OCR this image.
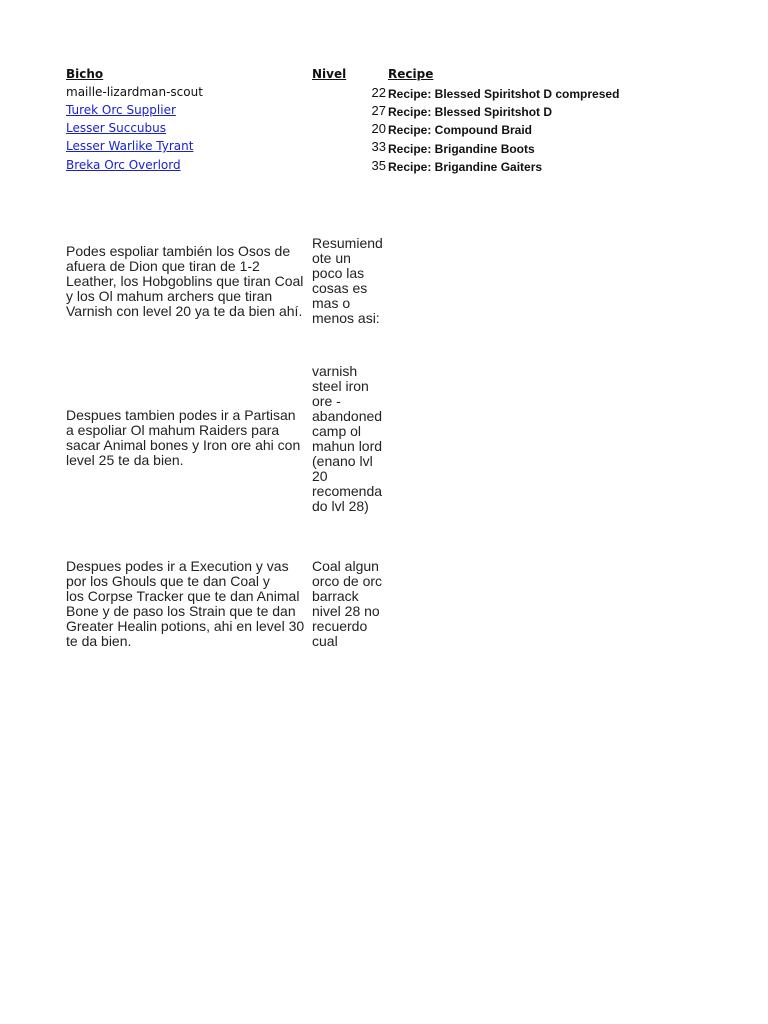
Bicho	Nivel	Recipe
maille-lizardman-scout	22 Recipe: Blessed Spiritshot D compresed
Turek Orc Supplier	27 Recipe: Blessed Spiritshot D
Lesser Succubus	20 Recipe: Compound Braid
Lesser Warlike Tyrant	33 Recipe: Brigandine Boots
Breka Orc Overlord	35 Recipe: Brigandine Gaiters
Podes espoliar también los Osos de
afuera de Dion que tiran de 1-2
Leather, los Hobgoblins que tiran Coal
y los Ol mahum archers que tiran
Varnish con level 20 ya te da bien ahí.
Resumiend
ote un
poco las
cosas es
mas o
menos asi:
Despues tambien podes ir a Partisan
a espoliar Ol mahum Raiders para
sacar Animal bones y Iron ore ahi con
level 25 te da bien.
varnish
steel iron
ore -
abandoned
camp ol
mahun lord
(enano lvl
20
recomenda
do lvl 28)
Despues podes ir a Execution y vas
por los Ghouls que te dan Coal y
los Corpse Tracker que te dan Animal
Bone y de paso los Strain que te dan
Greater Healin potions, ahi en level 30
te da bien.
Coal algun
orco de orc
barrack
nivel 28 no
recuerdo
cual
